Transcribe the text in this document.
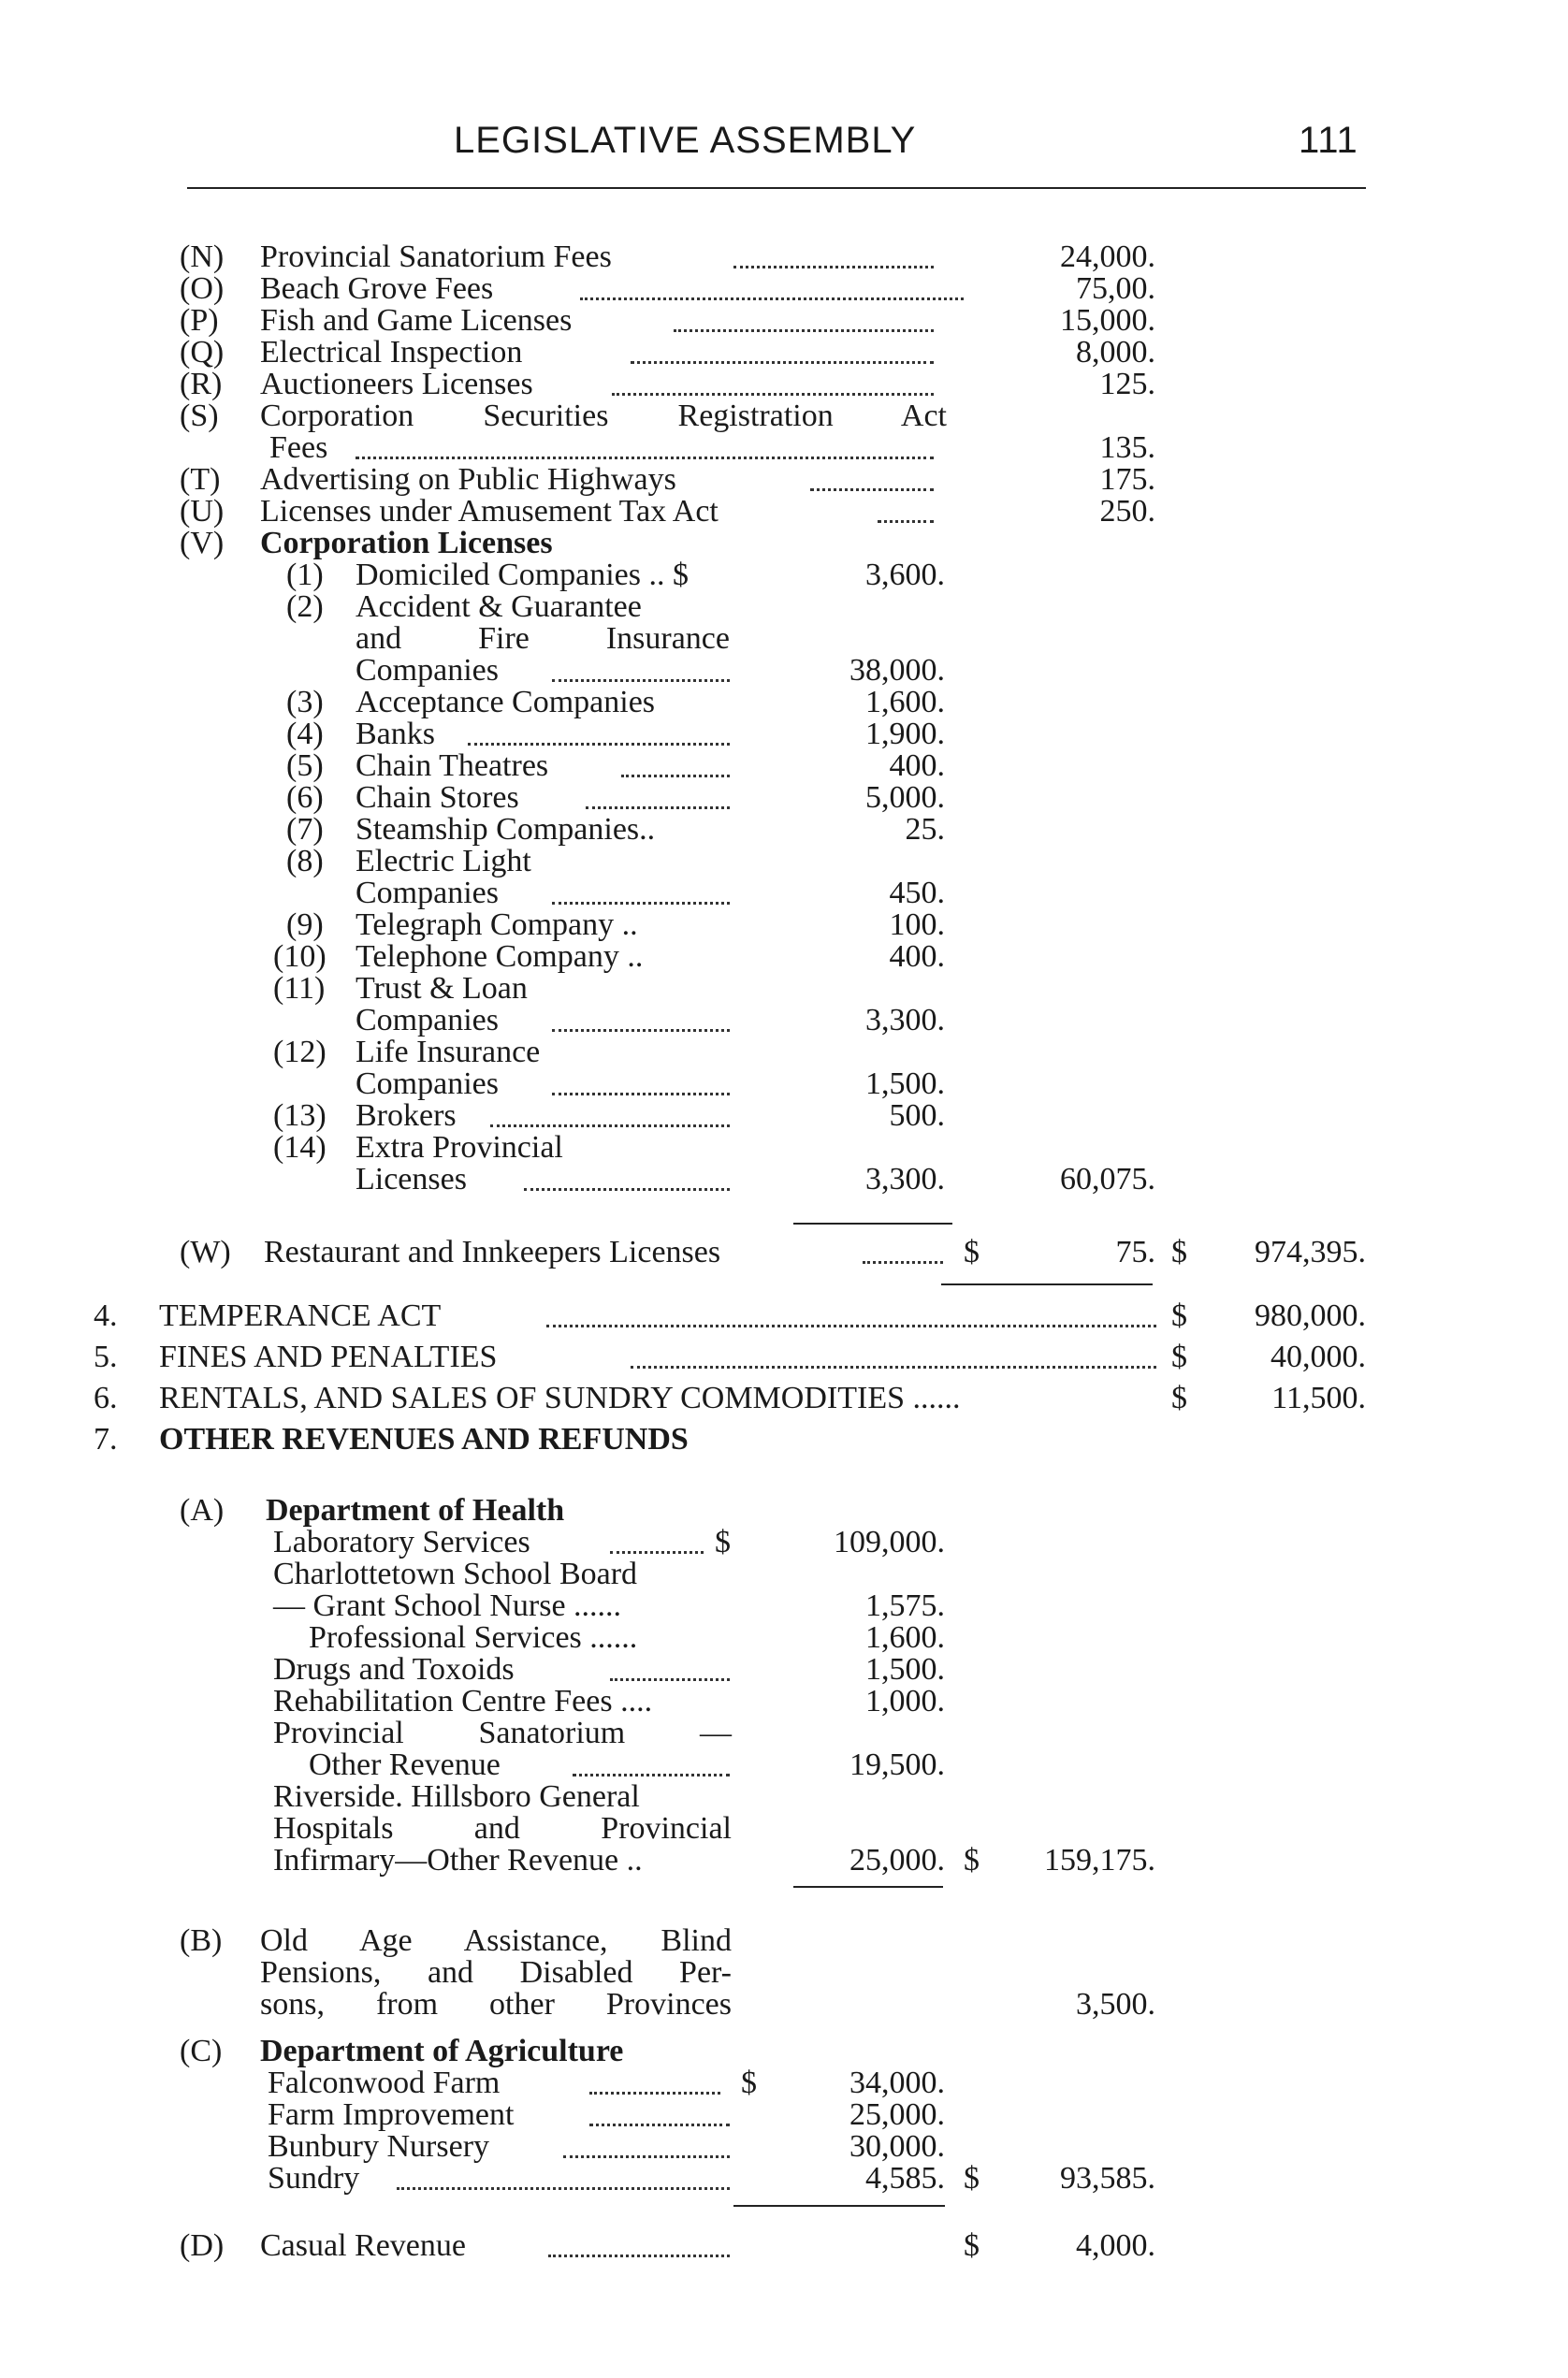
LEGISLATIVE ASSEMBLY	111
(N) Provincial Sanatorium Fees	24,000.
(O) Beach Grove Fees	75,00.
(P) Fish and Game Licenses	15,000.
(Q) Electrical Inspection	8,000.
(R) Auctioneers Licenses	125.
(S) Corporation Securities Registration Act
Fees	135.
(T) Advertising on Public Highways	175.
(U) Licenses under Amusement Tax Act	250.
(V) Corporation Licenses
(1) Domiciled Companies .. $	3,600.
(2) Accident & Guarantee
and Fire Insurance
Companies	38,000.
(3) Acceptance Companies	1,600.
(4) Banks	1,900.
(5) Chain Theatres	400.
(6) Chain Stores	5,000.
(7) Steamship Companies..	25.
(8) Electric Light
Companies	450.
(9) Telegraph Company ..	100.
(10) Telephone Company ..	400.
(11) Trust & Loan
Companies	3,300.
(12) Life Insurance
Companies	1,500.
(13) Brokers	500.
(14) Extra Provincial
Licenses	3,300.	60,075.
(W) Restaurant and Innkeepers Licenses	$	75. $	974,395.
4. TEMPERANCE ACT	$	980,000.
5. FINES AND PENALTIES	$	40,000.
6. RENTALS, AND SALES OF SUNDRY COMMODITIES ......	$	11,500.
7. OTHER REVENUES AND REFUNDS
(A) Department of Health
Laboratory Services	$	109,000.
Charlottetown School Board
— Grant School Nurse ......	1,575.
Professional Services ......	1,600.
Drugs and Toxoids	1,500.
Rehabilitation Centre Fees ....	1,000.
Provincial Sanatorium —
Other Revenue	19,500.
Riverside. Hillsboro General
Hospitals and Provincial
Infirmary—Other Revenue ..	25,000. $	159,175.
(B) Old Age Assistance, Blind
Pensions, and Disabled Per-
sons, from other Provinces	3,500.
(C) Department of Agriculture
Falconwood Farm	$	34,000.
Farm Improvement	25,000.
Bunbury Nursery	30,000.
Sundry	4,585. $	93,585.
(D) Casual Revenue	$	4,000.
